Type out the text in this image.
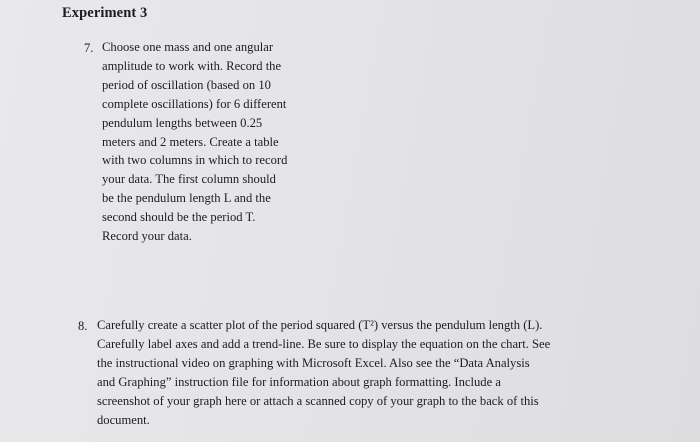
Experiment 3
7. Choose one mass and one angular
amplitude to work with. Record the
period of oscillation (based on 10
complete oscillations) for 6 different
pendulum lengths between 0.25
meters and 2 meters. Create a table
with two columns in which to record
your data. The first column should
be the pendulum length L and the
second should be the period T.
Record your data.
8. Carefully create a scatter plot of the period squared (T²) versus the pendulum length (L).
Carefully label axes and add a trend-line. Be sure to display the equation on the chart. See
the instructional video on graphing with Microsoft Excel. Also see the “Data Analysis
and Graphing” instruction file for information about graph formatting. Include a
screenshot of your graph here or attach a scanned copy of your graph to the back of this
document.
